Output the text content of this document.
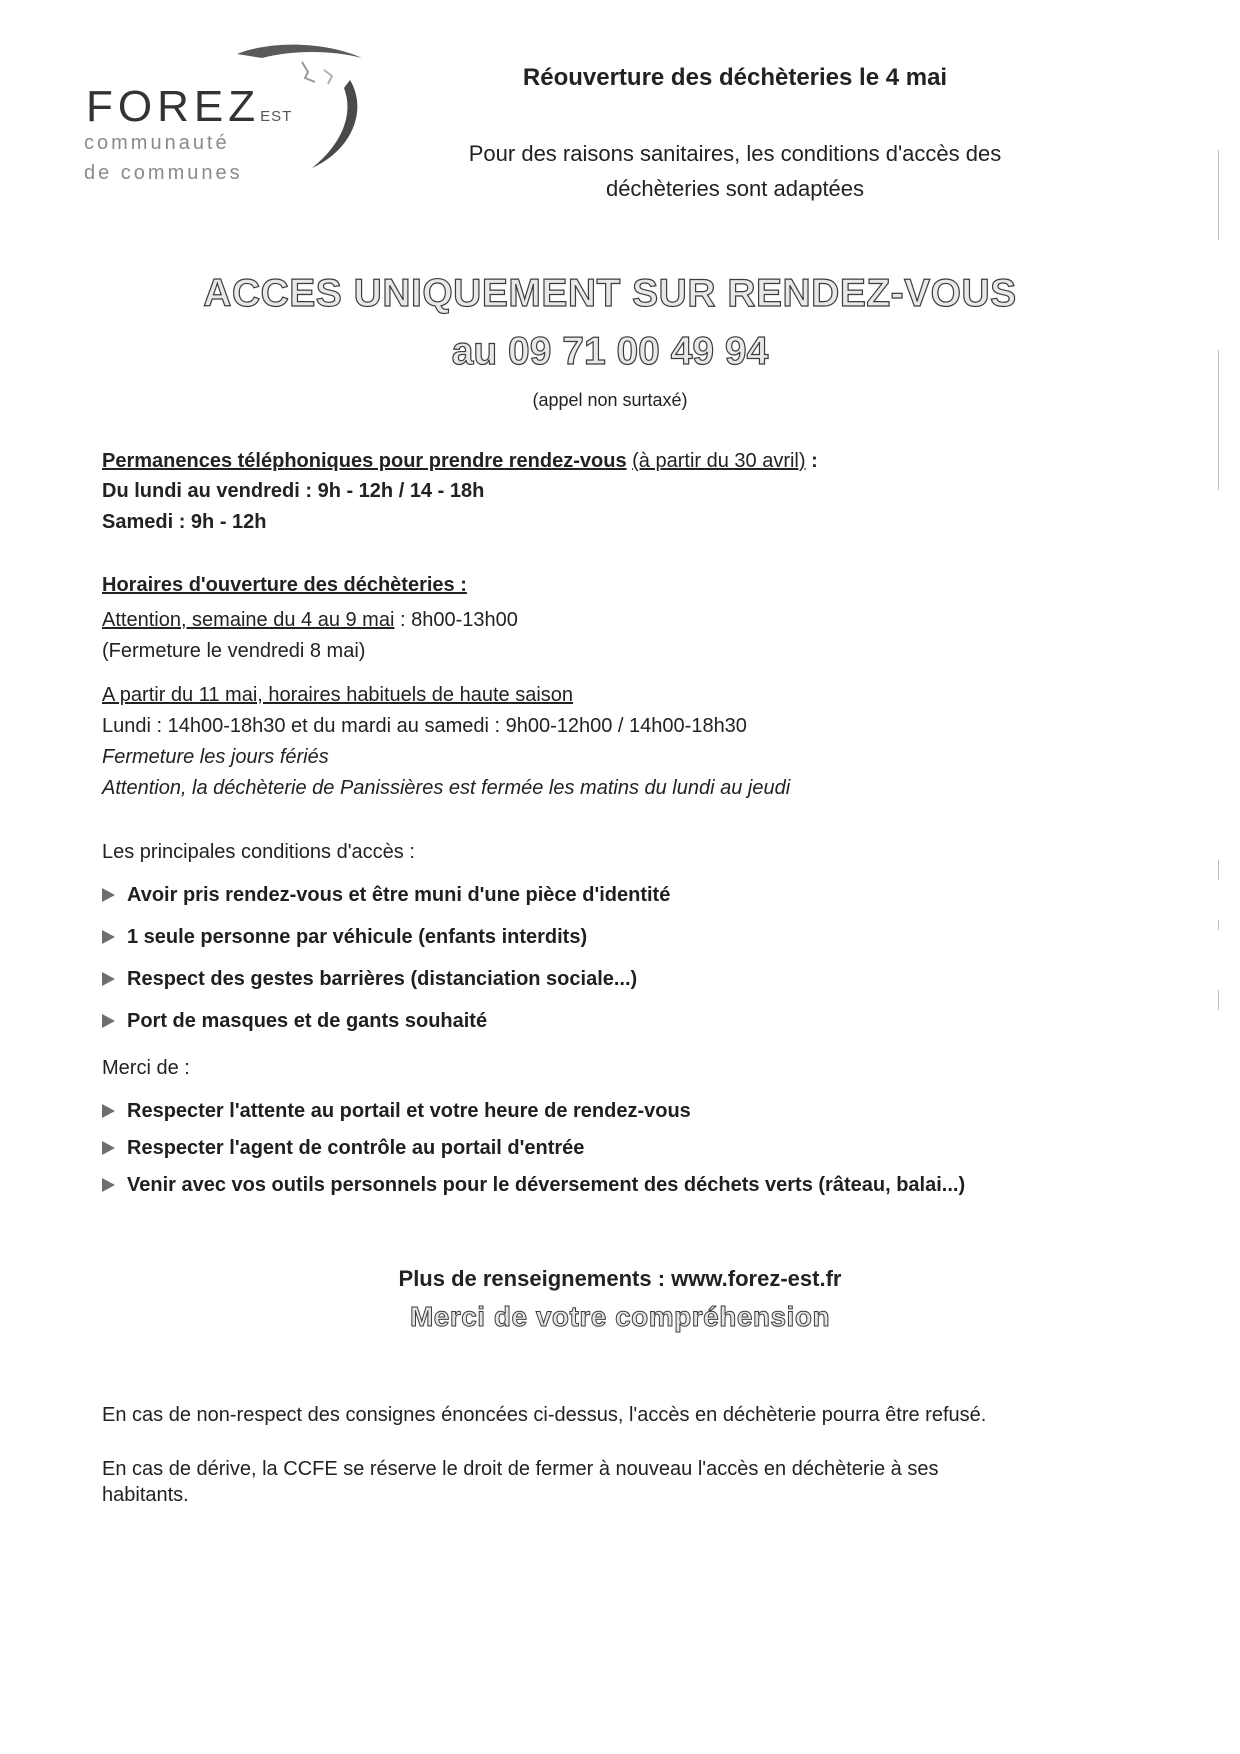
FOREZEST
communauté
de communes
Réouverture des déchèteries le 4 mai
Pour des raisons sanitaires, les conditions d'accès des
déchèteries sont adaptées
ACCES UNIQUEMENT SUR RENDEZ-VOUS
au 09 71 00 49 94
(appel non surtaxé)
Permanences téléphoniques pour prendre rendez-vous (à partir du 30 avril) :
Du lundi au vendredi : 9h - 12h / 14 - 18h
Samedi : 9h - 12h
Horaires d'ouverture des déchèteries :
Attention, semaine du 4 au 9 mai : 8h00-13h00
(Fermeture le vendredi 8 mai)
A partir du 11 mai, horaires habituels de haute saison
Lundi : 14h00-18h30 et du mardi au samedi : 9h00-12h00 / 14h00-18h30
Fermeture les jours fériés
Attention, la déchèterie de Panissières est fermée les matins du lundi au jeudi
Les principales conditions d'accès :
Avoir pris rendez-vous et être muni d'une pièce d'identité
1 seule personne par véhicule (enfants interdits)
Respect des gestes barrières (distanciation sociale...)
Port de masques et de gants souhaité
Merci de :
Respecter l'attente au portail et votre heure de rendez-vous
Respecter l'agent de contrôle au portail d'entrée
Venir avec vos outils personnels pour le déversement des déchets verts (râteau, balai...)
Plus de renseignements : www.forez-est.fr
Merci de votre compréhension
En cas de non-respect des consignes énoncées ci-dessus, l'accès en déchèterie pourra être refusé.
En cas de dérive, la CCFE se réserve le droit de fermer à nouveau l'accès en déchèterie à ses
habitants.
